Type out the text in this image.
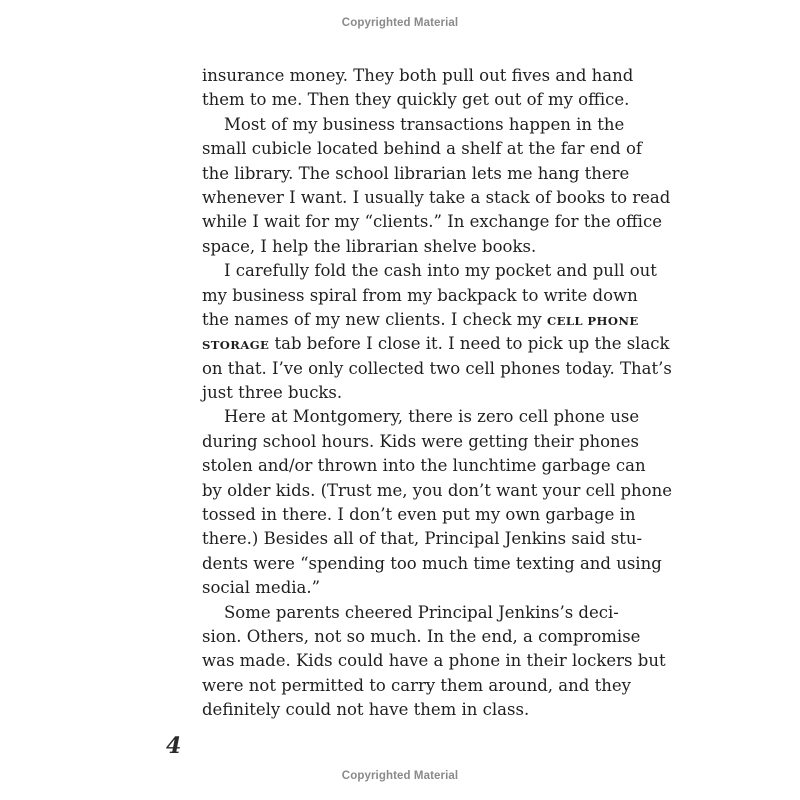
Copyrighted Material
insurance money. They both pull out fives and hand
them to me. Then they quickly get out of my office.
Most of my business transactions happen in the
small cubicle located behind a shelf at the far end of
the library. The school librarian lets me hang there
whenever I want. I usually take a stack of books to read
while I wait for my “clients.” In exchange for the office
space, I help the librarian shelve books.
I carefully fold the cash into my pocket and pull out
my business spiral from my backpack to write down
the names of my new clients. I check my CELL PHONE
STORAGE tab before I close it. I need to pick up the slack
on that. I’ve only collected two cell phones today. That’s
just three bucks.
Here at Montgomery, there is zero cell phone use
during school hours. Kids were getting their phones
stolen and/or thrown into the lunchtime garbage can
by older kids. (Trust me, you don’t want your cell phone
tossed in there. I don’t even put my own garbage in
there.) Besides all of that, Principal Jenkins said stu-
dents were “spending too much time texting and using
social media.”
Some parents cheered Principal Jenkins’s deci-
sion. Others, not so much. In the end, a compromise
was made. Kids could have a phone in their lockers but
were not permitted to carry them around, and they
definitely could not have them in class.
4
Copyrighted Material
